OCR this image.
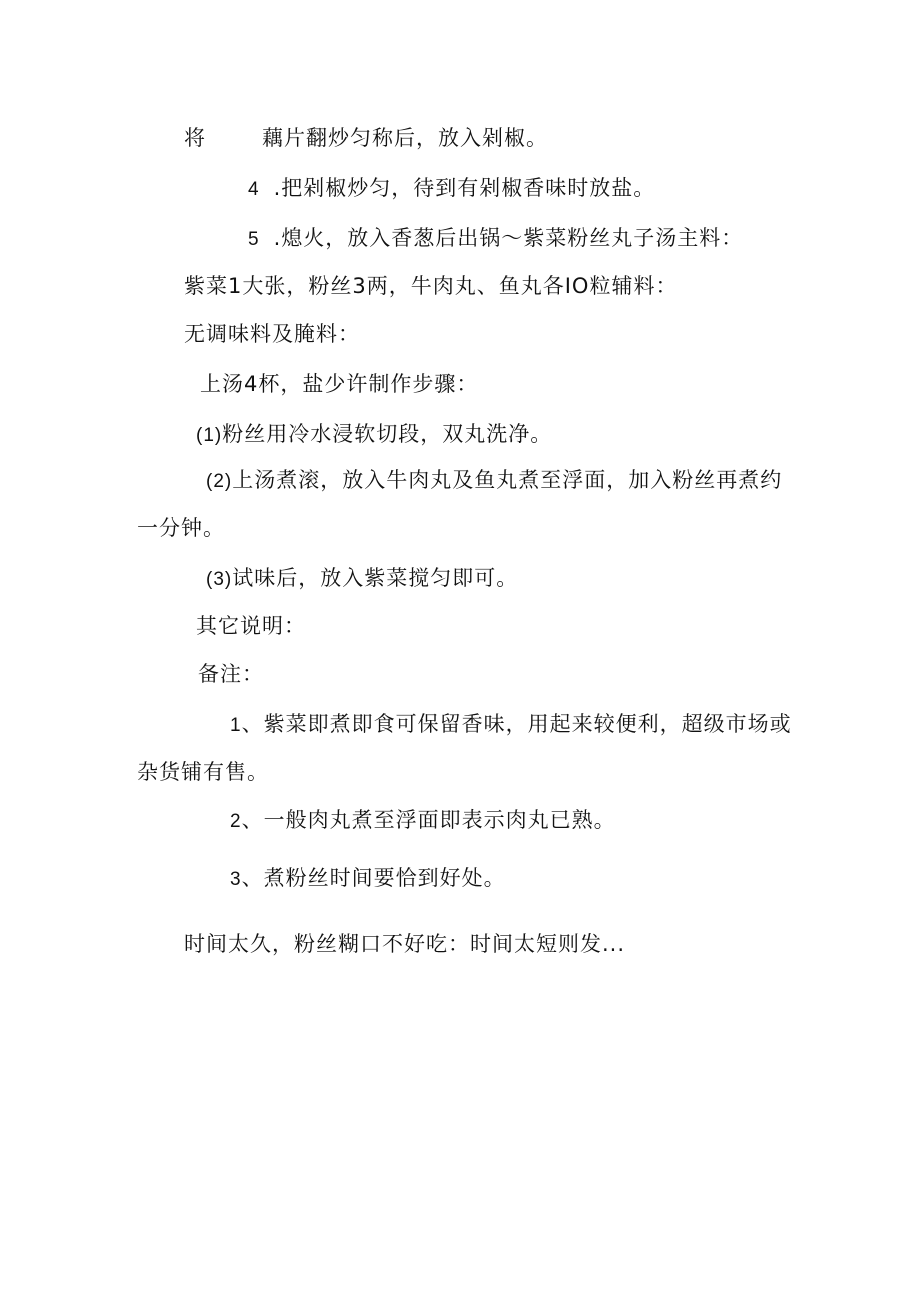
将	藕片翻炒匀称后，放入剁椒。
4 .把剁椒炒匀，待到有剁椒香味时放盐。
5 .熄火，放入香葱后出锅～紫菜粉丝丸子汤主料：
紫菜1大张，粉丝3两，牛肉丸、鱼丸各IO粒辅料：
无调味料及腌料：
上汤4杯，盐少许制作步骤：
(1)粉丝用冷水浸软切段，双丸洗净。
(2)上汤煮滚，放入牛肉丸及鱼丸煮至浮面，加入粉丝再煮约
一分钟。
(3)试味后，放入紫菜搅匀即可。
其它说明：
备注：
1、紫菜即煮即食可保留香味，用起来较便利，超级市场或
杂货铺有售。
2、一般肉丸煮至浮面即表示肉丸已熟。
3、煮粉丝时间要恰到好处。
时间太久，粉丝糊口不好吃：时间太短则发...
